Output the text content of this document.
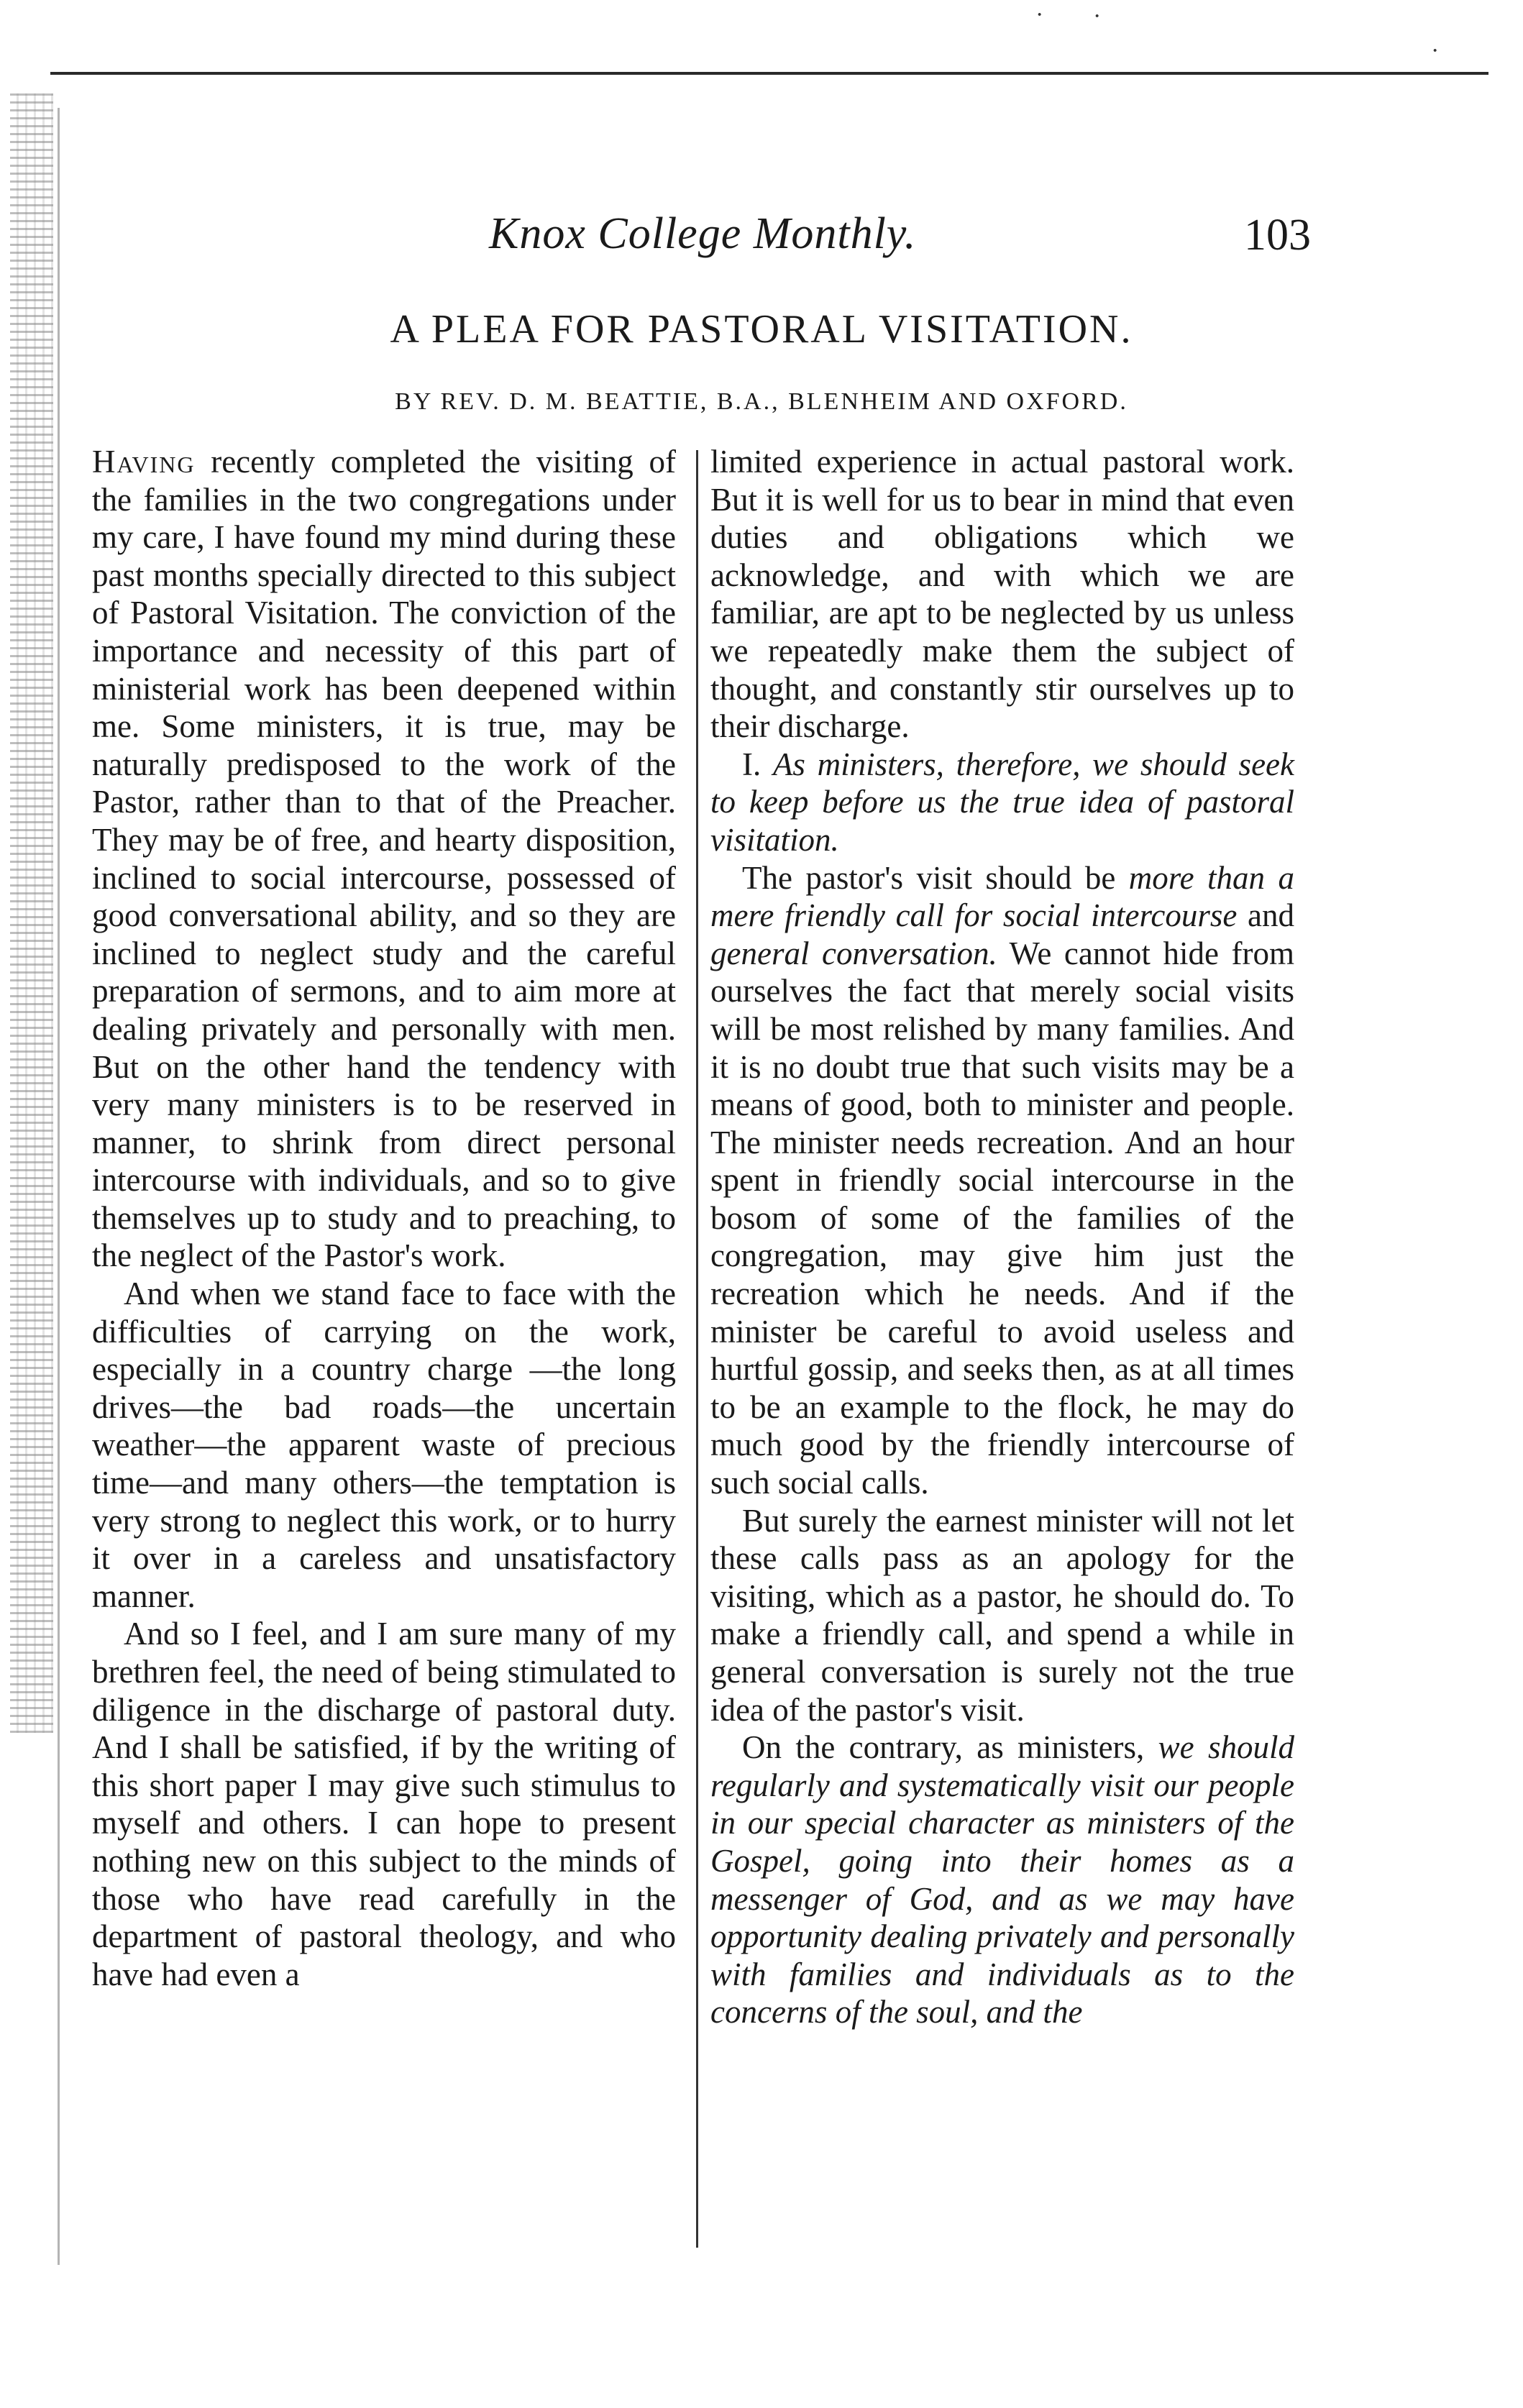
· ·
·
Knox College Monthly.	103
A PLEA FOR PASTORAL VISITATION.
BY REV. D. M. BEATTIE, B.A., BLENHEIM AND OXFORD.

Having recently completed the visiting of the families in the two congregations under my care, I have found my mind during these past months specially directed to this subject of Pastoral Visitation. The conviction of the importance and necessity of this part of ministerial work has been deepened within me. Some ministers, it is true, may be naturally predisposed to the work of the Pastor, rather than to that of the Preacher. They may be of free, and hearty disposition, inclined to social intercourse, possessed of good conversational ability, and so they are inclined to neglect study and the careful preparation of sermons, and to aim more at dealing privately and personally with men. But on the other hand the tendency with very many ministers is to be reserved in manner, to shrink from direct personal intercourse with individuals, and so to give themselves up to study and to preaching, to the neglect of the Pastor's work.

And when we stand face to face with the difficulties of carrying on the work, especially in a country charge —the long drives—the bad roads—the uncertain weather—the apparent waste of precious time—and many others—the temptation is very strong to neglect this work, or to hurry it over in a careless and unsatisfactory manner.

And so I feel, and I am sure many of my brethren feel, the need of being stimulated to diligence in the discharge of pastoral duty. And I shall be satisfied, if by the writing of this short paper I may give such stimulus to myself and others. I can hope to present nothing new on this subject to the minds of those who have read carefully in the department of pastoral theology, and who have had even a

limited experience in actual pastoral work. But it is well for us to bear in mind that even duties and obligations which we acknowledge, and with which we are familiar, are apt to be neglected by us unless we repeatedly make them the subject of thought, and constantly stir ourselves up to their discharge.

I. As ministers, therefore, we should seek to keep before us the true idea of pastoral visitation.

The pastor's visit should be more than a mere friendly call for social intercourse and general conversation. We cannot hide from ourselves the fact that merely social visits will be most relished by many families. And it is no doubt true that such visits may be a means of good, both to minister and people. The minister needs recreation. And an hour spent in friendly social intercourse in the bosom of some of the families of the congregation, may give him just the recreation which he needs. And if the minister be careful to avoid useless and hurtful gossip, and seeks then, as at all times to be an example to the flock, he may do much good by the friendly intercourse of such social calls.

But surely the earnest minister will not let these calls pass as an apology for the visiting, which as a pastor, he should do. To make a friendly call, and spend a while in general conversation is surely not the true idea of the pastor's visit.

On the contrary, as ministers, we should regularly and systematically visit our people in our special character as ministers of the Gospel, going into their homes as a messenger of God, and as we may have opportunity dealing privately and personally with families and individuals as to the concerns of the soul, and the
